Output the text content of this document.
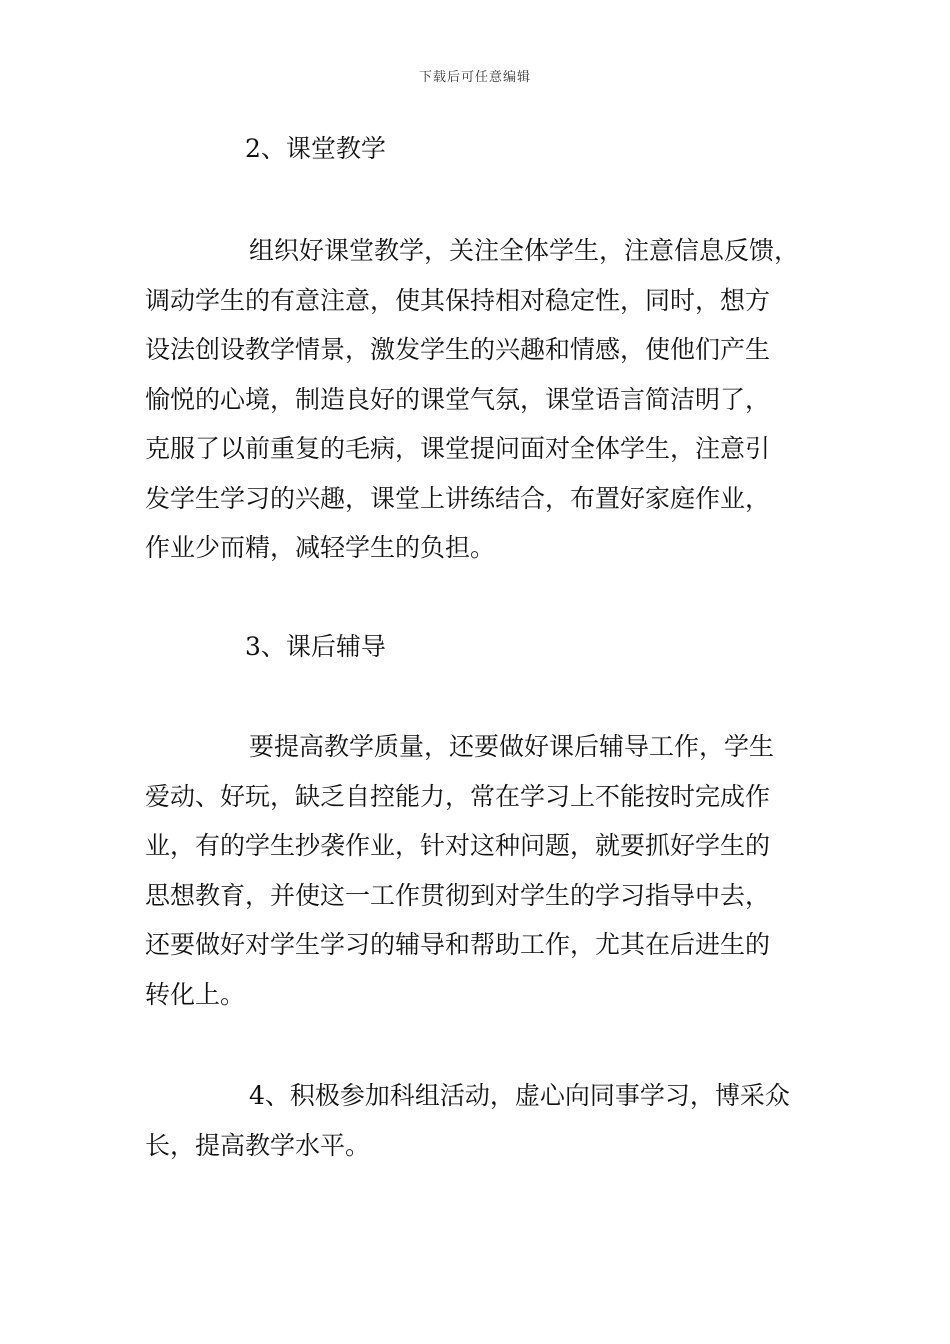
下载后可任意编辑
2、课堂教学
组织好课堂教学，关注全体学生，注意信息反馈，
调动学生的有意注意，使其保持相对稳定性，同时，想方
设法创设教学情景，激发学生的兴趣和情感，使他们产生
愉悦的心境，制造良好的课堂气氛，课堂语言简洁明了，
克服了以前重复的毛病，课堂提问面对全体学生，注意引
发学生学习的兴趣，课堂上讲练结合，布置好家庭作业，
作业少而精，减轻学生的负担。
3、课后辅导
要提高教学质量，还要做好课后辅导工作，学生
爱动、好玩，缺乏自控能力，常在学习上不能按时完成作
业，有的学生抄袭作业，针对这种问题，就要抓好学生的
思想教育，并使这一工作贯彻到对学生的学习指导中去，
还要做好对学生学习的辅导和帮助工作，尤其在后进生的
转化上。
4、积极参加科组活动，虚心向同事学习，博采众
长，提高教学水平。
